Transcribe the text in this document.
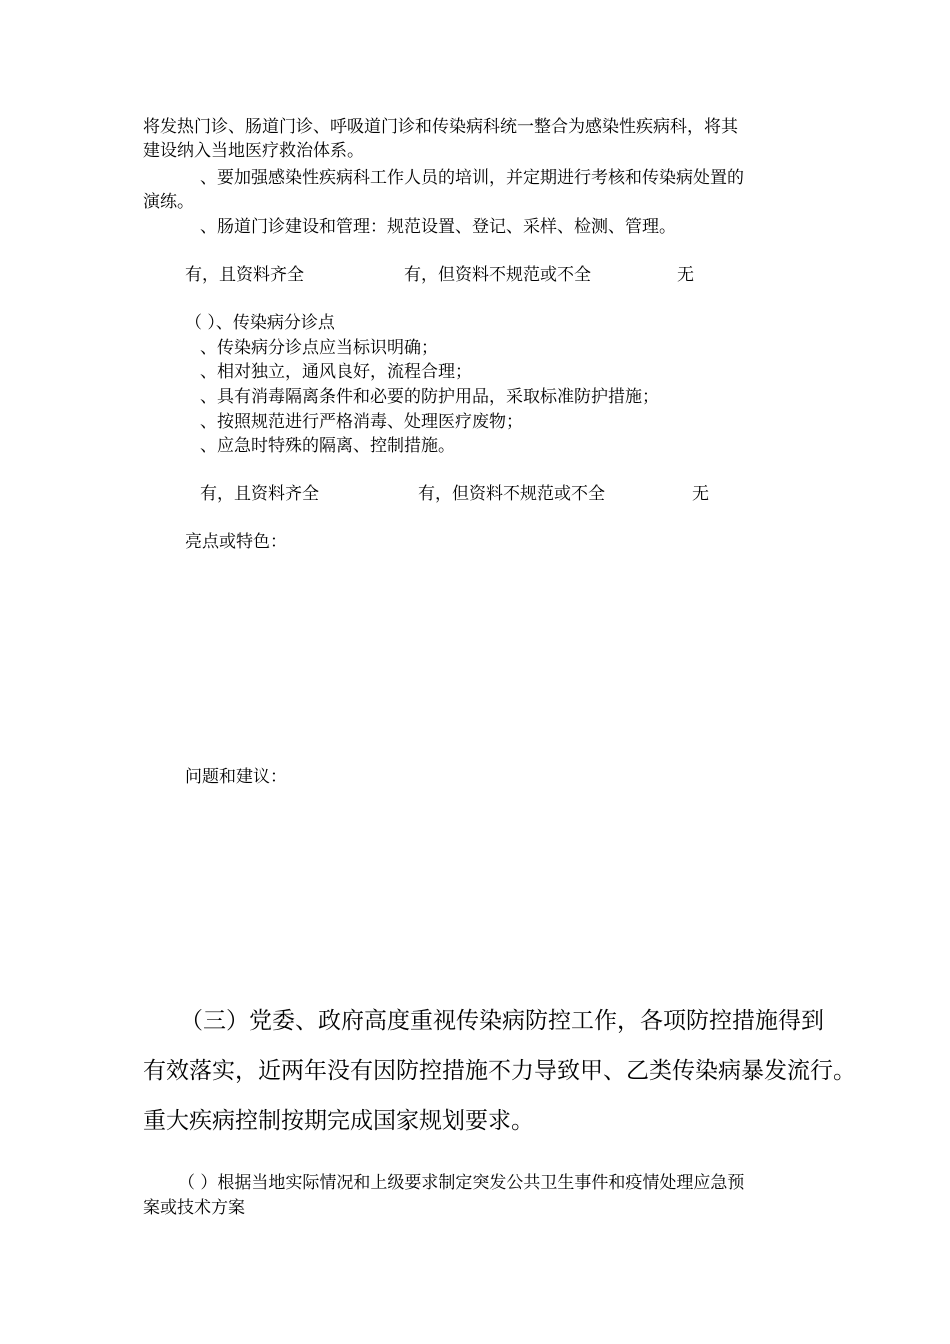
将发热门诊、肠道门诊、呼吸道门诊和传染病科统一整合为感染性疾病科，将其
建设纳入当地医疗救治体系。
、要加强感染性疾病科工作人员的培训，并定期进行考核和传染病处置的
演练。
、肠道门诊建设和管理：规范设置、登记、采样、检测、管理。
有，且资料齐全	有，但资料不规范或不全	无
（ ）、传染病分诊点
、传染病分诊点应当标识明确；
、相对独立，通风良好，流程合理；
、具有消毒隔离条件和必要的防护用品，采取标准防护措施；
、按照规范进行严格消毒、处理医疗废物；
、应急时特殊的隔离、控制措施。
有，且资料齐全	有，但资料不规范或不全	无
亮点或特色：
问题和建议：
（三）党委、政府高度重视传染病防控工作，各项防控措施得到
有效落实，近两年没有因防控措施不力导致甲、乙类传染病暴发流行。
重大疾病控制按期完成国家规划要求。
（ ）根据当地实际情况和上级要求制定突发公共卫生事件和疫情处理应急预
案或技术方案
